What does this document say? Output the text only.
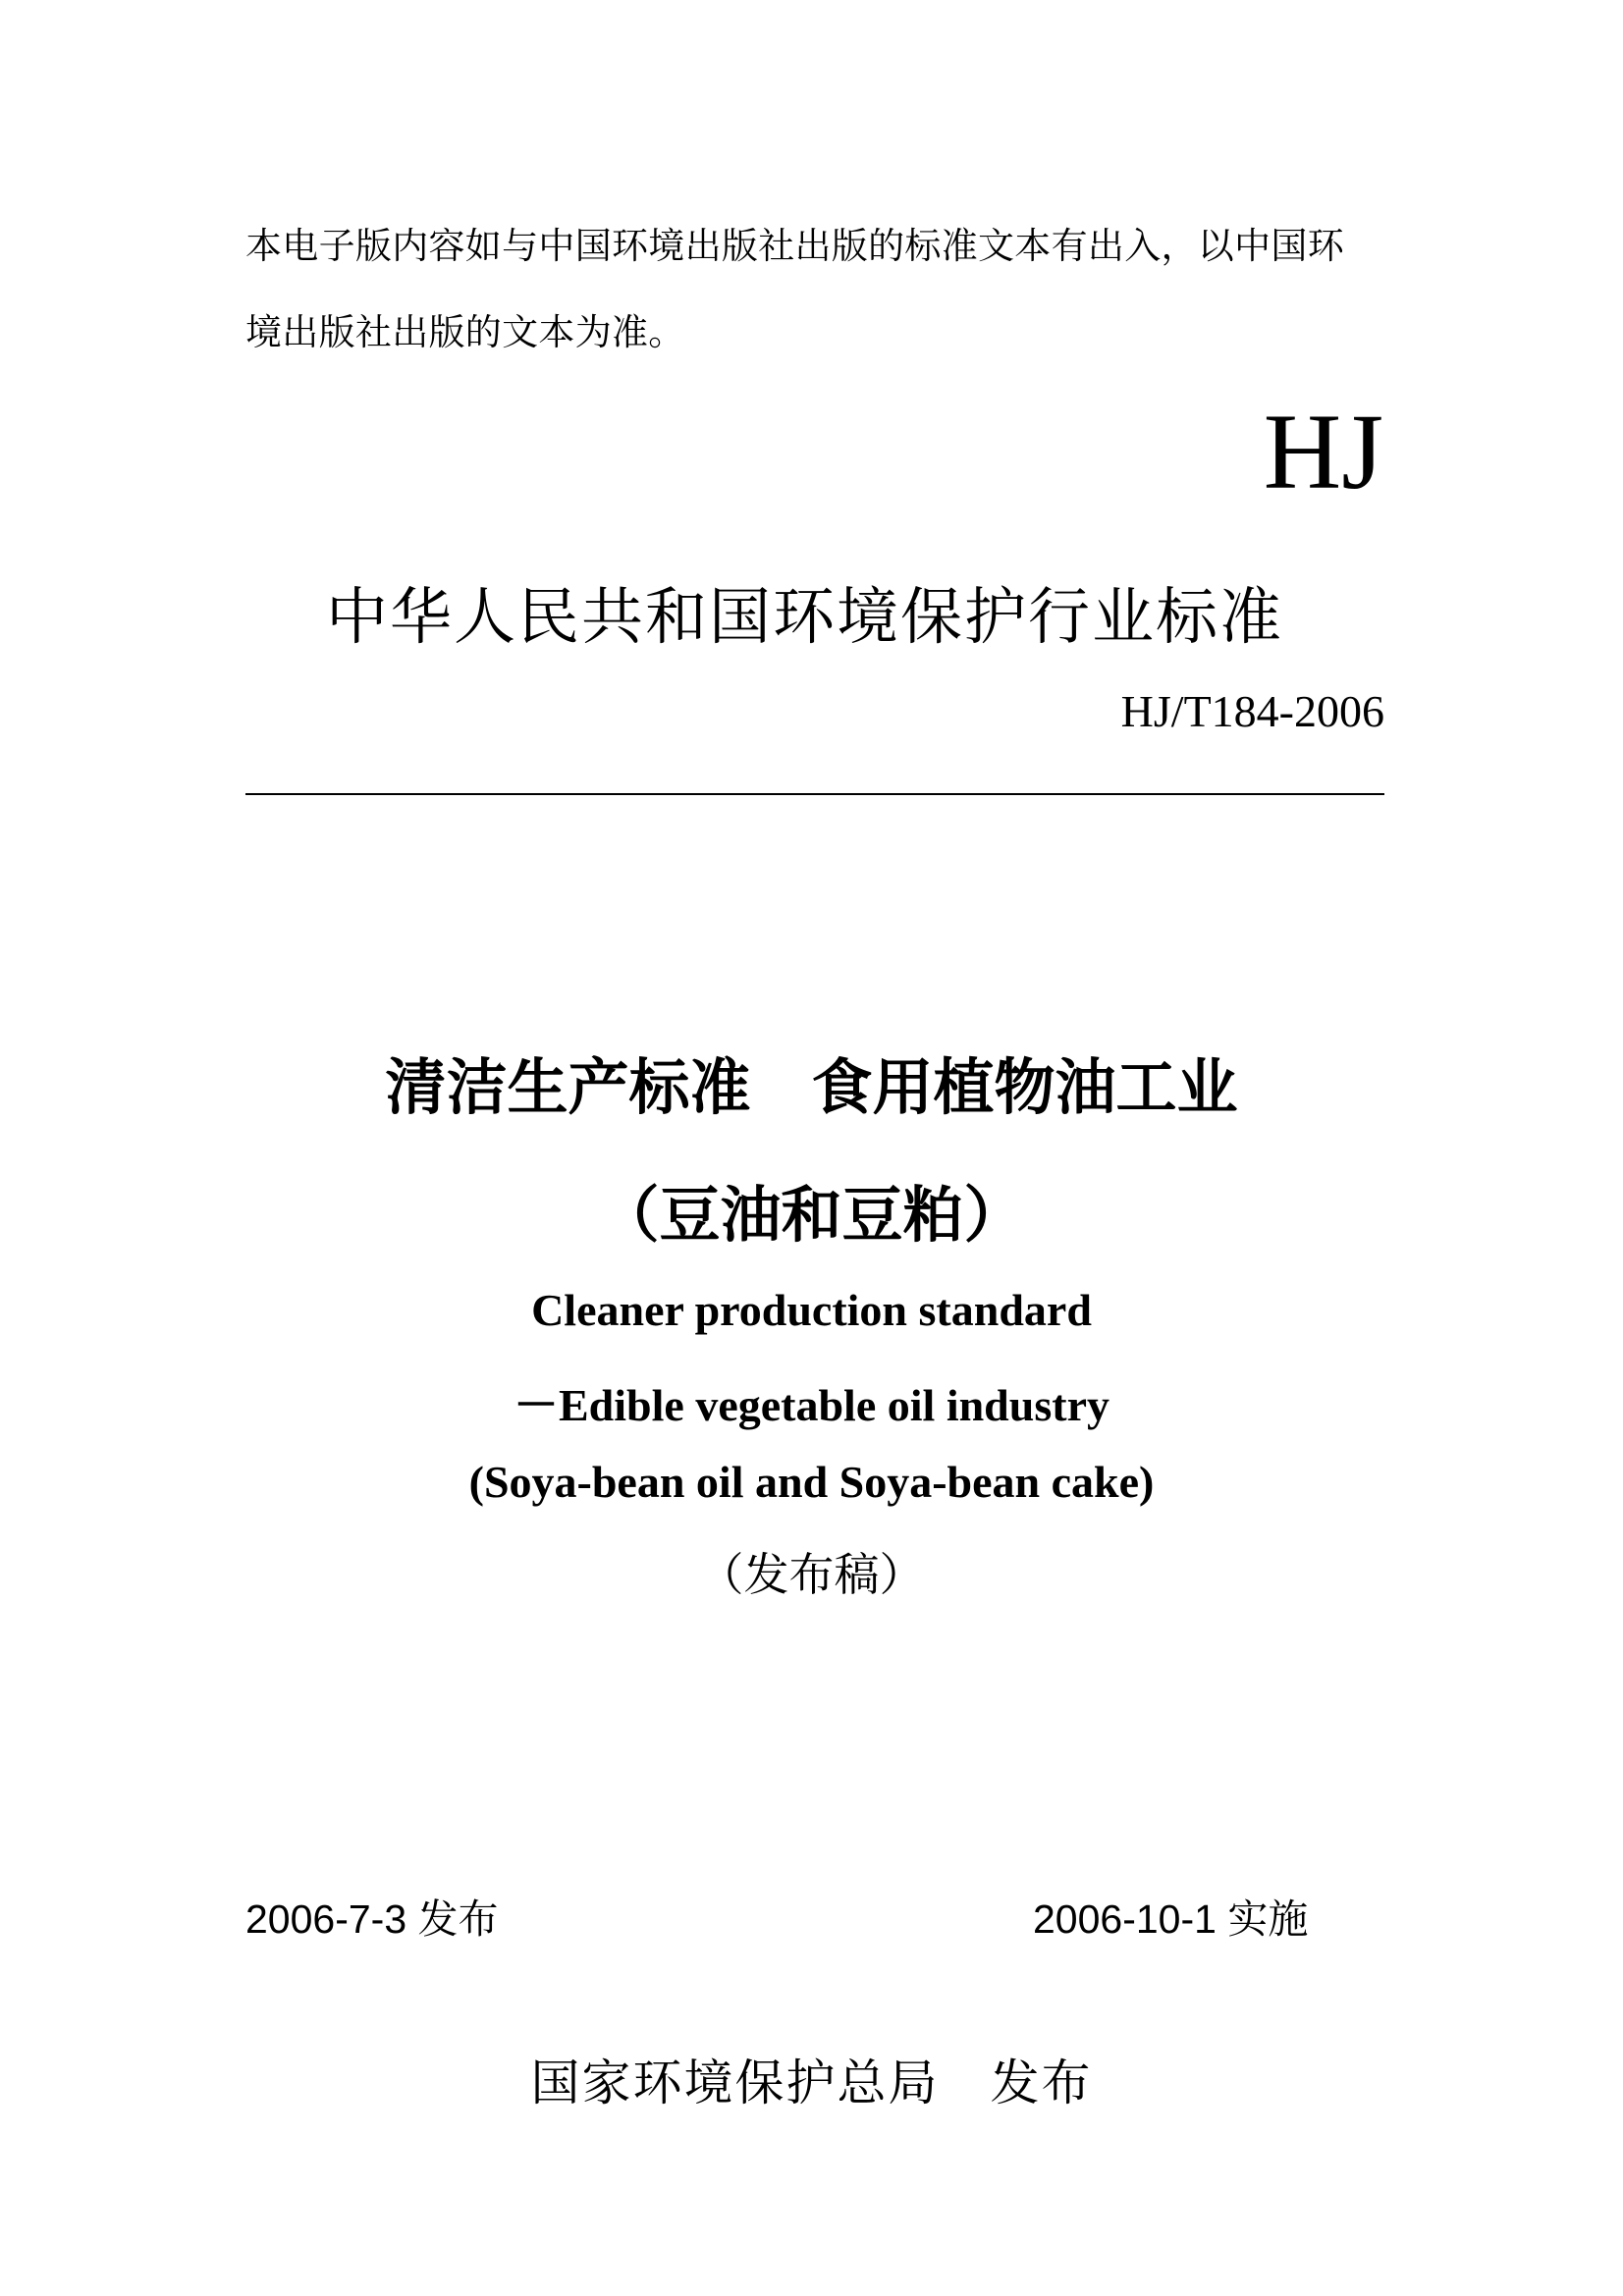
本电子版内容如与中国环境出版社出版的标准文本有出入，以中国环
境出版社出版的文本为准。
HJ
中华人民共和国环境保护行业标准
HJ/T184-2006
清洁生产标准　食用植物油工业
（豆油和豆粕）
Cleaner production standard
－Edible vegetable oil industry
(Soya-bean oil and Soya-bean cake)
（发布稿）
2006-7-3 发布	2006-10-1 实施
国家环境保护总局　发布
